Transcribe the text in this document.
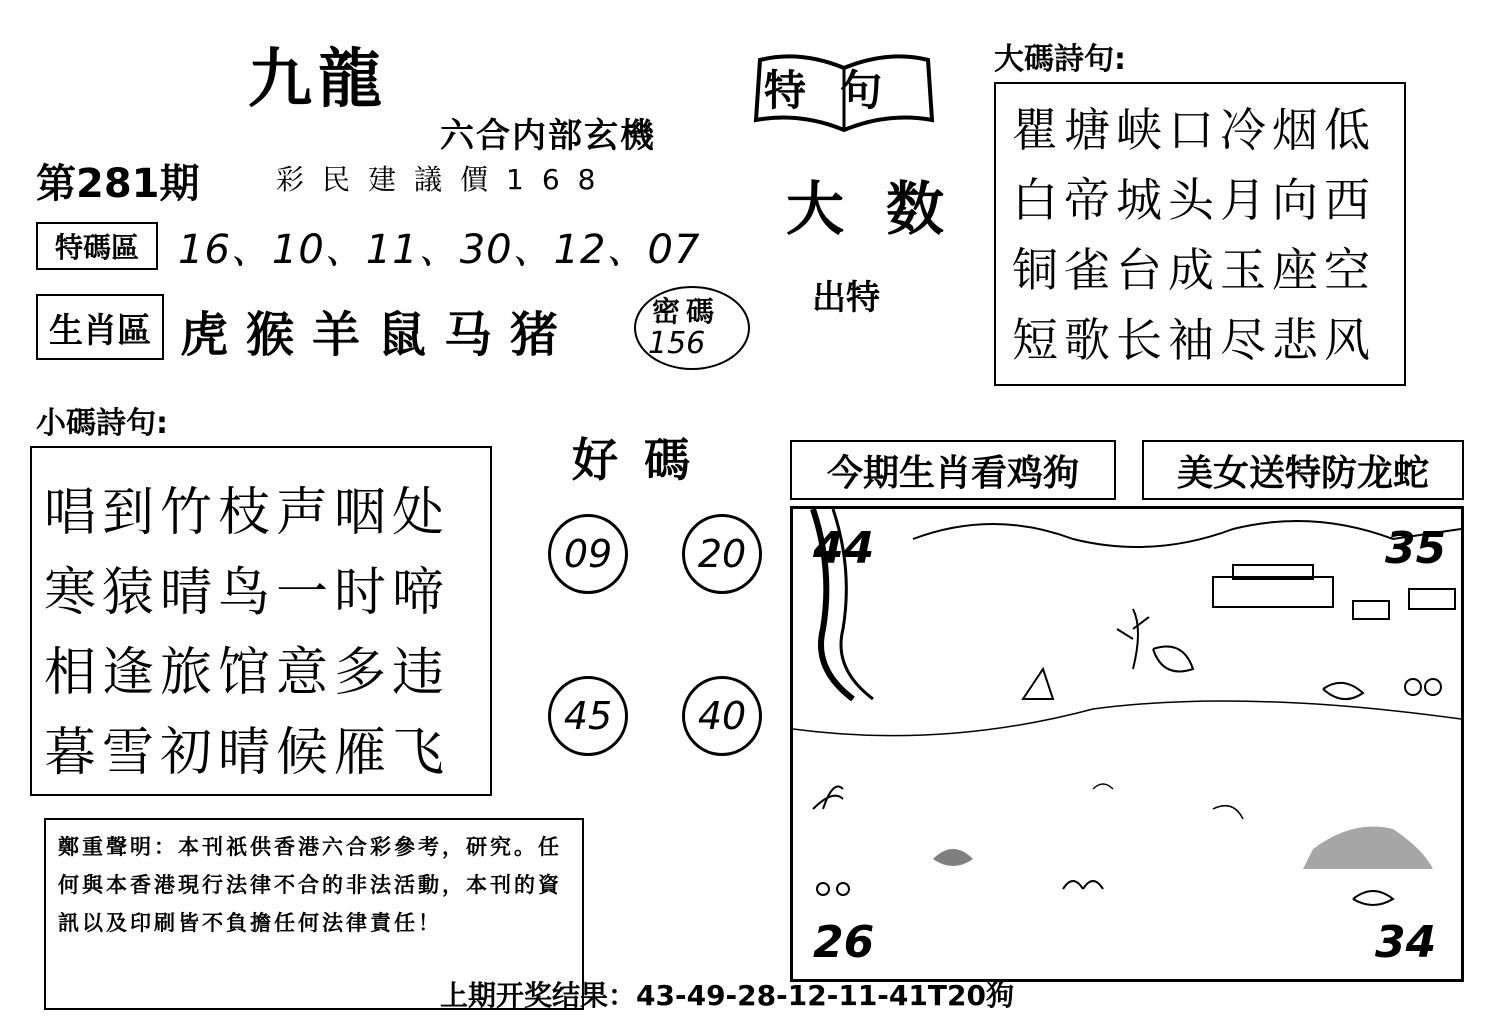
九龍
六合内部玄機
第281期	彩民建議價168
特碼區 16、10、11、30、12、07
生肖區 虎猴羊鼠马猪	密碼
156
特句
大数
出特
大碼詩句:
瞿塘峡口冷烟低
白帝城头月向西
铜雀台成玉座空
短歌长袖尽悲风
小碼詩句:
唱到竹枝声咽处
寒猿晴鸟一时啼
相逢旅馆意多违
暮雪初晴候雁飞
好碼
09	20
45	40
今期生肖看鸡狗	美女送特防龙蛇
44	35
26	34
鄭重聲明：本刊祇供香港六合彩參考，研究。任何與本香港現行法律不合的非法活動，本刊的資訊以及印刷皆不負擔任何法律責任！
上期开奖结果：43-49-28-12-11-41T20狗
